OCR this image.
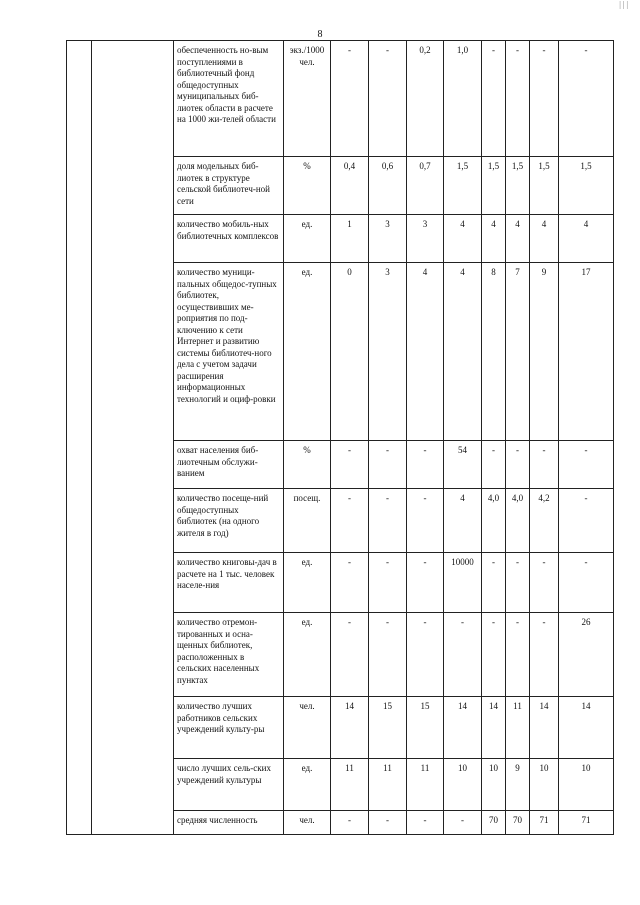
| | |
8
		обеспеченность но-вым поступлениями в библиотечный фонд общедоступных муниципальных биб-лиотек области в расчете на 1000 жи-телей области	экз./1000 чел.	-	-	0,2	1,0	-	-	-	-
		доля модельных биб-лиотек в структуре сельской библиотеч-ной сети	%	0,4	0,6	0,7	1,5	1,5	1,5	1,5	1,5
		количество мобиль-ных библиотечных комплексов	ед.	1	3	3	4	4	4	4	4
		количество муници-пальных общедос-тупных библиотек, осуществивших ме-роприятия по под-ключению к сети Интернет и развитию системы библиотеч-ного дела с учетом задачи расширения информационных технологий и оциф-ровки	ед.	0	3	4	4	8	7	9	17
		охват населения биб-лиотечным обслужи-ванием	%	-	-	-	54	-	-	-	-
		количество посеще-ний общедоступных библиотек (на одного жителя в год)	посещ.	-	-	-	4	4,0	4,0	4,2	-
		количество книговы-дач в расчете на 1 тыс. человек населе-ния	ед.	-	-	-	10000	-	-	-	-
		количество отремон-тированных и осна-щенных библиотек, расположенных в сельских населенных пунктах	ед.	-	-	-	-	-	-	-	26
		количество лучших работников сельских учреждений культу-ры	чел.	14	15	15	14	14	11	14	14
		число лучших сель-ских учреждений культуры	ед.	11	11	11	10	10	9	10	10
		средняя численность	чел.	-	-	-	-	70	70	71	71
